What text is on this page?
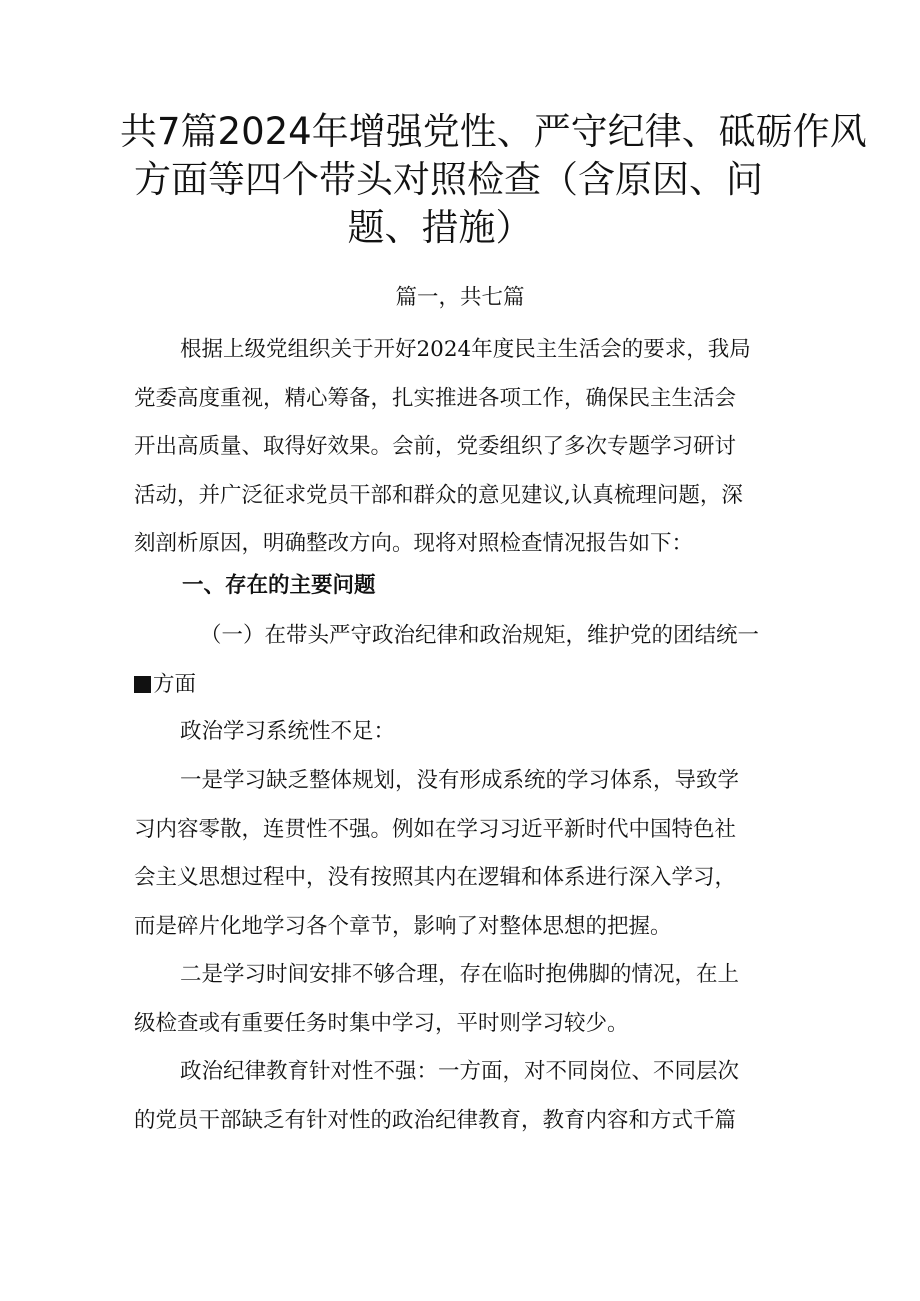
共7篇2024年增强党性、严守纪律、砥砺作风
方面等四个带头对照检查（含原因、问
题、措施）
篇一，共七篇
根据上级党组织关于开好2024年度民主生活会的要求，我局
党委高度重视，精心筹备，扎实推进各项工作，确保民主生活会
开出高质量、取得好效果。会前，党委组织了多次专题学习研讨
活动，并广泛征求党员干部和群众的意见建议,认真梳理问题，深
刻剖析原因，明确整改方向。现将对照检查情况报告如下：
一、存在的主要问题
（一）在带头严守政治纪律和政治规矩，维护党的团结统一
方面
政治学习系统性不足：
一是学习缺乏整体规划，没有形成系统的学习体系，导致学
习内容零散，连贯性不强。例如在学习习近平新时代中国特色社
会主义思想过程中，没有按照其内在逻辑和体系进行深入学习，
而是碎片化地学习各个章节，影响了对整体思想的把握。
二是学习时间安排不够合理，存在临时抱佛脚的情况，在上
级检查或有重要任务时集中学习，平时则学习较少。
政治纪律教育针对性不强：一方面，对不同岗位、不同层次
的党员干部缺乏有针对性的政治纪律教育，教育内容和方式千篇
